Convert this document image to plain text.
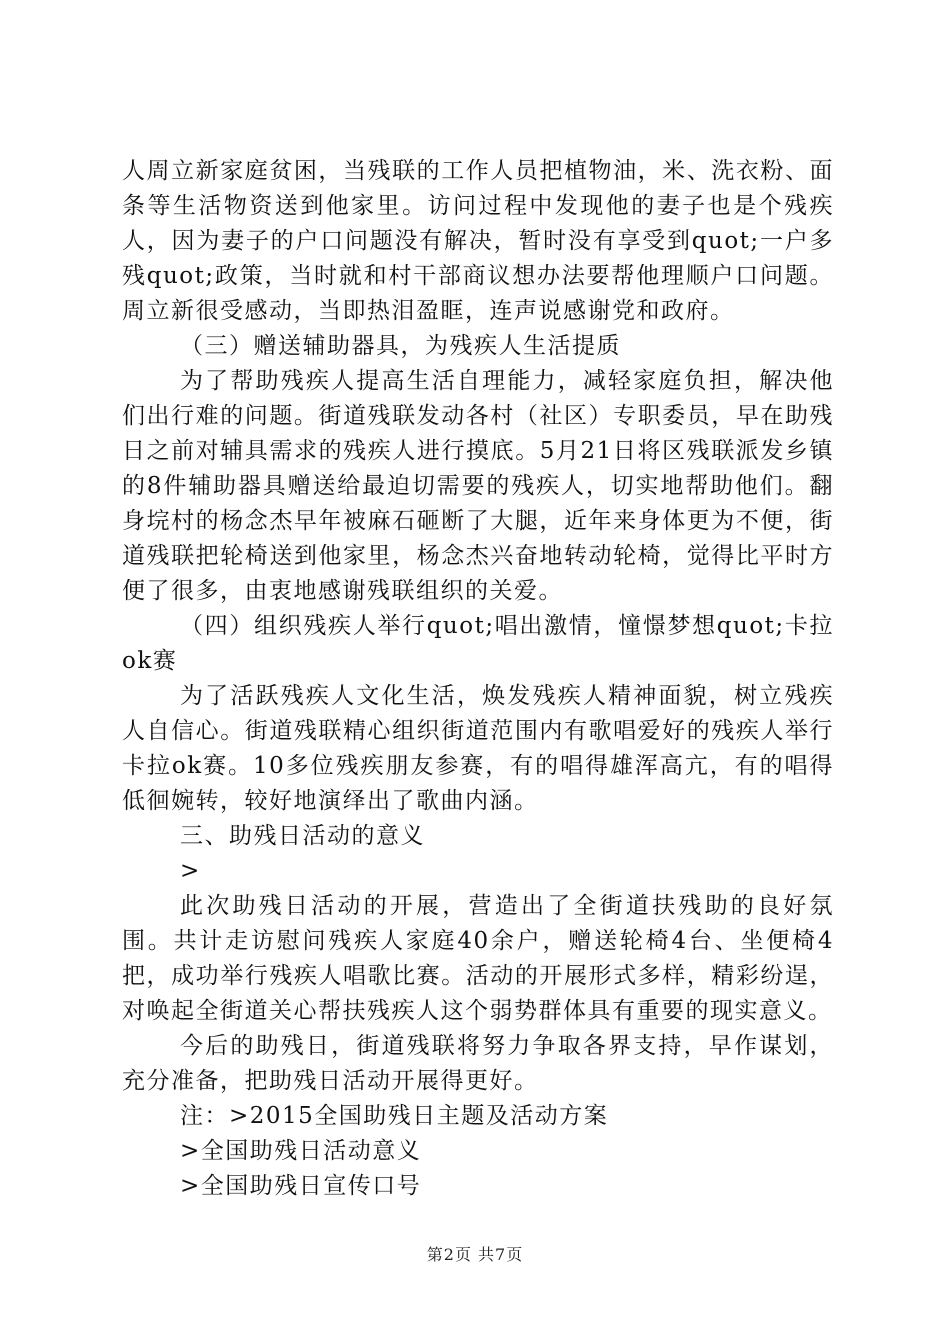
人周立新家庭贫困，当残联的工作人员把植物油，米、洗衣粉、面条等生活物资送到他家里。访问过程中发现他的妻子也是个残疾人，因为妻子的户口问题没有解决，暂时没有享受到quot;一户多残quot;政策，当时就和村干部商议想办法要帮他理顺户口问题。周立新很受感动，当即热泪盈眶，连声说感谢党和政府。

（三）赠送辅助器具，为残疾人生活提质

为了帮助残疾人提高生活自理能力，减轻家庭负担，解决他们出行难的问题。街道残联发动各村（社区）专职委员，早在助残日之前对辅具需求的残疾人进行摸底。5月21日将区残联派发乡镇的8件辅助器具赠送给最迫切需要的残疾人，切实地帮助他们。翻身垸村的杨念杰早年被麻石砸断了大腿，近年来身体更为不便，街道残联把轮椅送到他家里，杨念杰兴奋地转动轮椅，觉得比平时方便了很多，由衷地感谢残联组织的关爱。

（四）组织残疾人举行quot;唱出激情，憧憬梦想quot;卡拉ok赛

为了活跃残疾人文化生活，焕发残疾人精神面貌，树立残疾人自信心。街道残联精心组织街道范围内有歌唱爱好的残疾人举行卡拉ok赛。10多位残疾朋友参赛，有的唱得雄浑高亢，有的唱得低徊婉转，较好地演绎出了歌曲内涵。

三、助残日活动的意义

>

此次助残日活动的开展，营造出了全街道扶残助的良好氛围。共计走访慰问残疾人家庭40余户，赠送轮椅4台、坐便椅4把，成功举行残疾人唱歌比赛。活动的开展形式多样，精彩纷逞，对唤起全街道关心帮扶残疾人这个弱势群体具有重要的现实意义。

今后的助残日，街道残联将努力争取各界支持，早作谋划，充分准备，把助残日活动开展得更好。

注：>2015全国助残日主题及活动方案

>全国助残日活动意义

>全国助残日宣传口号

第2页 共7页
